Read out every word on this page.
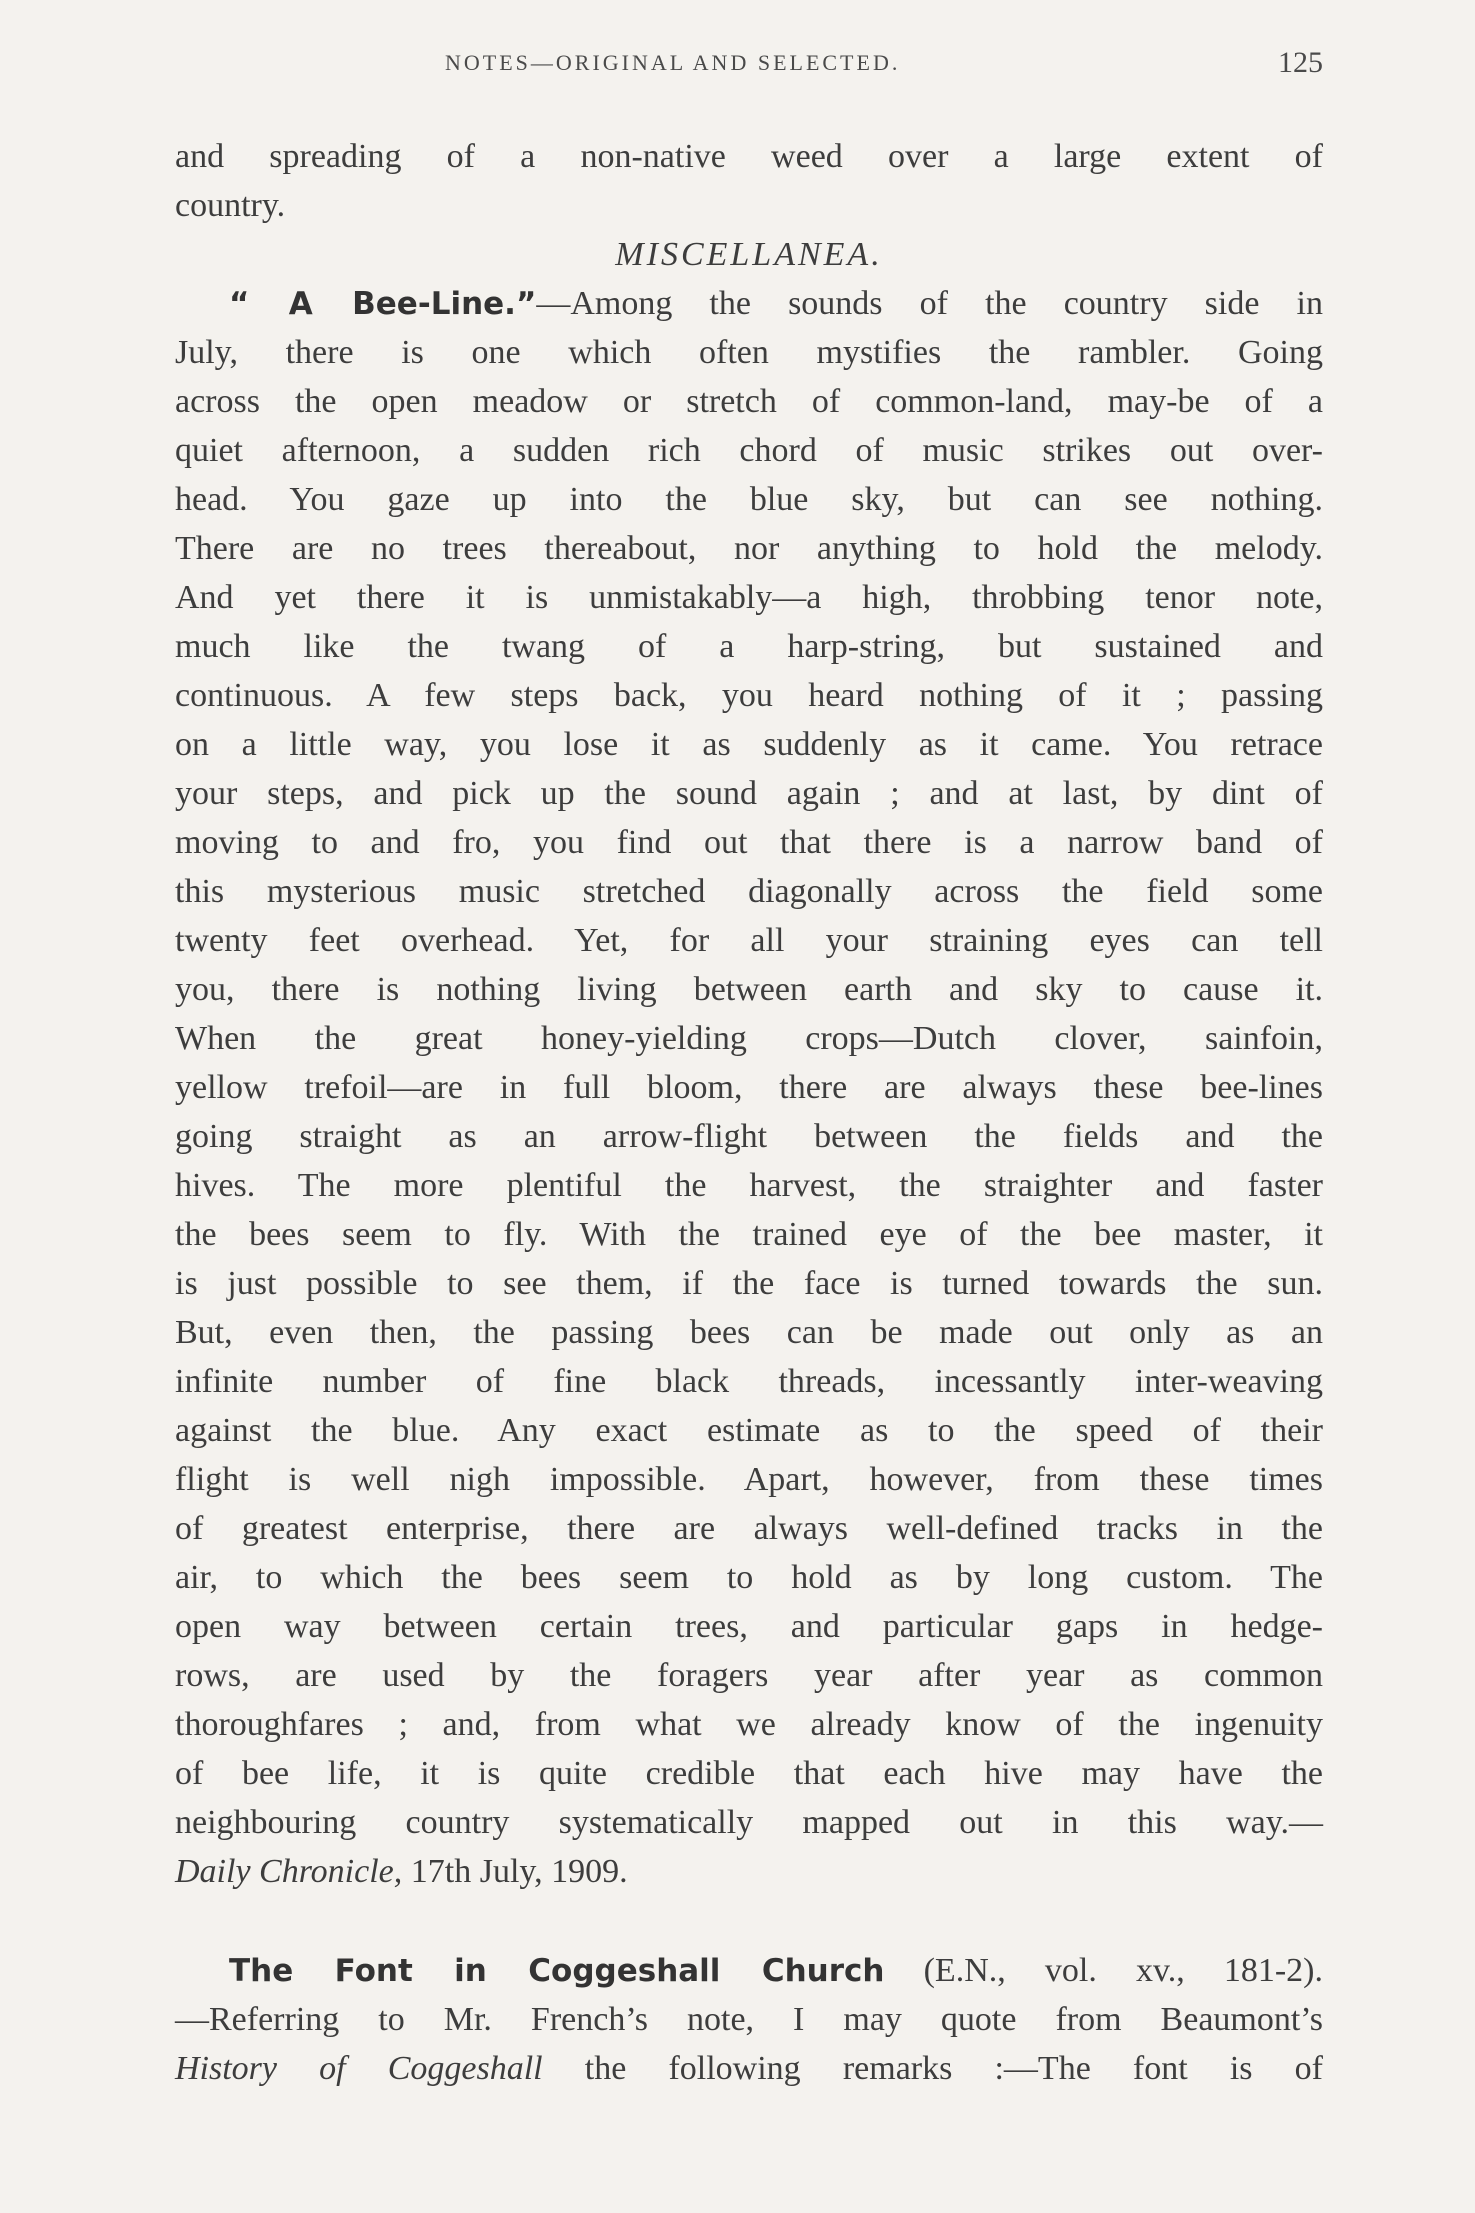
NOTES—ORIGINAL AND SELECTED.	125
and spreading of a non-native weed over a large extent of
country.
MISCELLANEA.
“ A Bee-Line.”—Among the sounds of the country side in
July, there is one which often mystifies the rambler. Going
across the open meadow or stretch of common-land, may-be of a
quiet afternoon, a sudden rich chord of music strikes out over-
head. You gaze up into the blue sky, but can see nothing.
There are no trees thereabout, nor anything to hold the melody.
And yet there it is unmistakably—a high, throbbing tenor note,
much like the twang of a harp-string, but sustained and
continuous. A few steps back, you heard nothing of it ; passing
on a little way, you lose it as suddenly as it came. You retrace
your steps, and pick up the sound again ; and at last, by dint of
moving to and fro, you find out that there is a narrow band of
this mysterious music stretched diagonally across the field some
twenty feet overhead. Yet, for all your straining eyes can tell
you, there is nothing living between earth and sky to cause it.
When the great honey-yielding crops—Dutch clover, sainfoin,
yellow trefoil—are in full bloom, there are always these bee-lines
going straight as an arrow-flight between the fields and the
hives. The more plentiful the harvest, the straighter and faster
the bees seem to fly. With the trained eye of the bee master, it
is just possible to see them, if the face is turned towards the sun.
But, even then, the passing bees can be made out only as an
infinite number of fine black threads, incessantly inter-weaving
against the blue. Any exact estimate as to the speed of their
flight is well nigh impossible. Apart, however, from these times
of greatest enterprise, there are always well-defined tracks in the
air, to which the bees seem to hold as by long custom. The
open way between certain trees, and particular gaps in hedge-
rows, are used by the foragers year after year as common
thoroughfares ; and, from what we already know of the ingenuity
of bee life, it is quite credible that each hive may have the
neighbouring country systematically mapped out in this way.—
Daily Chronicle, 17th July, 1909.
The Font in Coggeshall Church (E.N., vol. xv., 181-2).
—Referring to Mr. French’s note, I may quote from Beaumont’s
History of Coggeshall the following remarks :—The font is of
